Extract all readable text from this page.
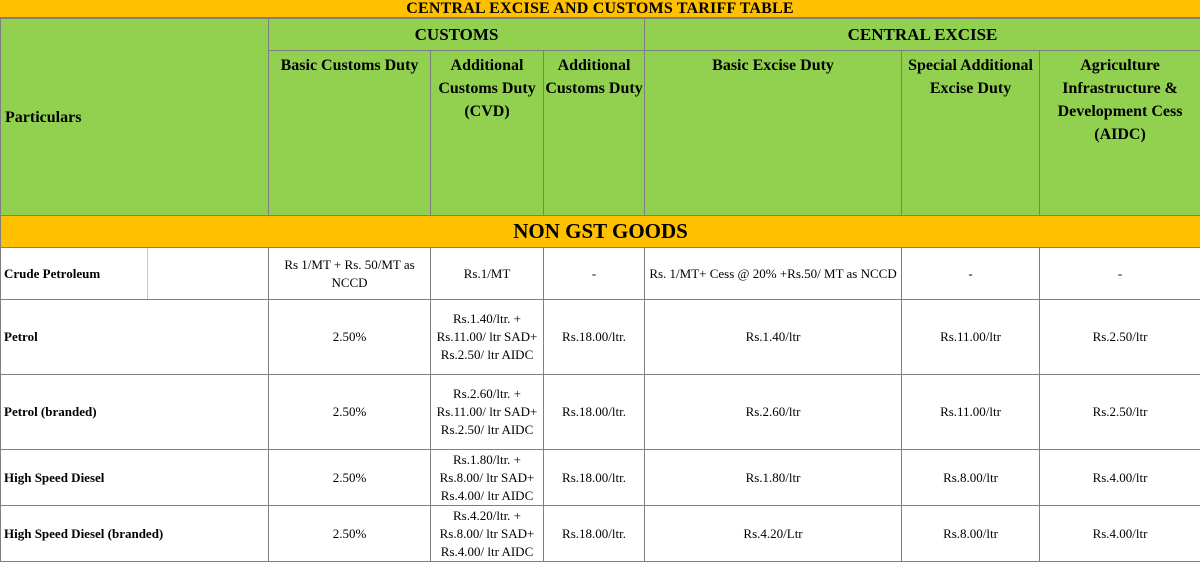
CENTRAL EXCISE AND CUSTOMS TARIFF TABLE
Particulars		CUSTOMS			CENTRAL EXCISE			
		Basic Customs Duty	Additional Customs Duty (CVD)	Additional Customs Duty	Basic Excise Duty	Special Additional Excise Duty	Agriculture Infrastructure & Development Cess (AIDC)	
NON GST GOODS								
Crude Petroleum		Rs 1/MT + Rs. 50/MT as NCCD	Rs.1/MT	-	Rs. 1/MT+ Cess @ 20% +Rs.50/ MT as NCCD	-	-	
Petrol		2.50%	Rs.1.40/ltr. + Rs.11.00/ ltr SAD+ Rs.2.50/ ltr AIDC	Rs.18.00/ltr.	Rs.1.40/ltr	Rs.11.00/ltr	Rs.2.50/ltr	
Petrol (branded)		2.50%	Rs.2.60/ltr. + Rs.11.00/ ltr SAD+ Rs.2.50/ ltr AIDC	Rs.18.00/ltr.	Rs.2.60/ltr	Rs.11.00/ltr	Rs.2.50/ltr	
High Speed Diesel		2.50%	Rs.1.80/ltr. + Rs.8.00/ ltr SAD+ Rs.4.00/ ltr AIDC	Rs.18.00/ltr.	Rs.1.80/ltr	Rs.8.00/ltr	Rs.4.00/ltr	
High Speed Diesel (branded)		2.50%	Rs.4.20/ltr. + Rs.8.00/ ltr SAD+ Rs.4.00/ ltr AIDC	Rs.18.00/ltr.	Rs.4.20/Ltr	Rs.8.00/ltr	Rs.4.00/ltr	
